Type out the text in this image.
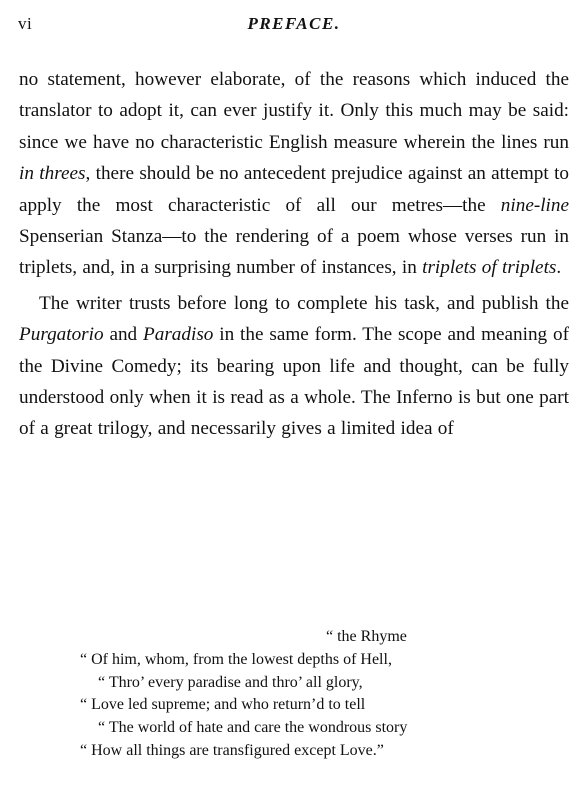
vi	PREFACE.

no statement, however elaborate, of the reasons which induced the translator to adopt it, can ever justify it. Only this much may be said: since we have no characteristic English measure wherein the lines run in threes, there should be no antecedent prejudice against an attempt to apply the most characteristic of all our metres—the nine-line Spenserian Stanza—to the rendering of a poem whose verses run in triplets, and, in a surprising number of instances, in triplets of triplets.

The writer trusts before long to complete his task, and publish the Purgatorio and Paradiso in the same form. The scope and meaning of the Divine Comedy; its bearing upon life and thought, can be fully understood only when it is read as a whole. The Inferno is but one part of a great trilogy, and necessarily gives a limited idea of

“ the Rhyme
“ Of him, whom, from the lowest depths of Hell,
“ Thro’ every paradise and thro’ all glory,
“ Love led supreme; and who return’d to tell
“ The world of hate and care the wondrous story
“ How all things are transfigured except Love.”
